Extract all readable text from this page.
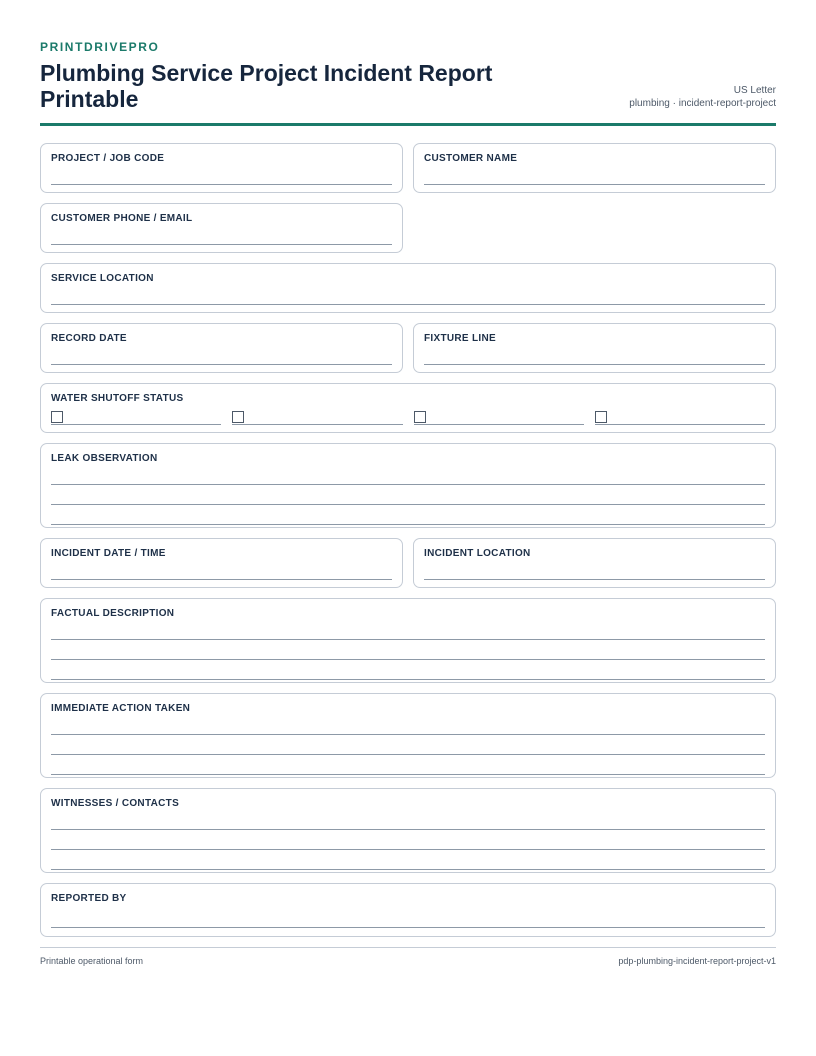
PRINTDRIVEPRO
Plumbing Service Project Incident Report Printable	US Letter
plumbing · incident-report-project
PROJECT / JOB CODE	CUSTOMER NAME
CUSTOMER PHONE / EMAIL
SERVICE LOCATION
RECORD DATE	FIXTURE LINE
WATER SHUTOFF STATUS
LEAK OBSERVATION
INCIDENT DATE / TIME	INCIDENT LOCATION
FACTUAL DESCRIPTION
IMMEDIATE ACTION TAKEN
WITNESSES / CONTACTS
REPORTED BY
Printable operational form	pdp-plumbing-incident-report-project-v1
